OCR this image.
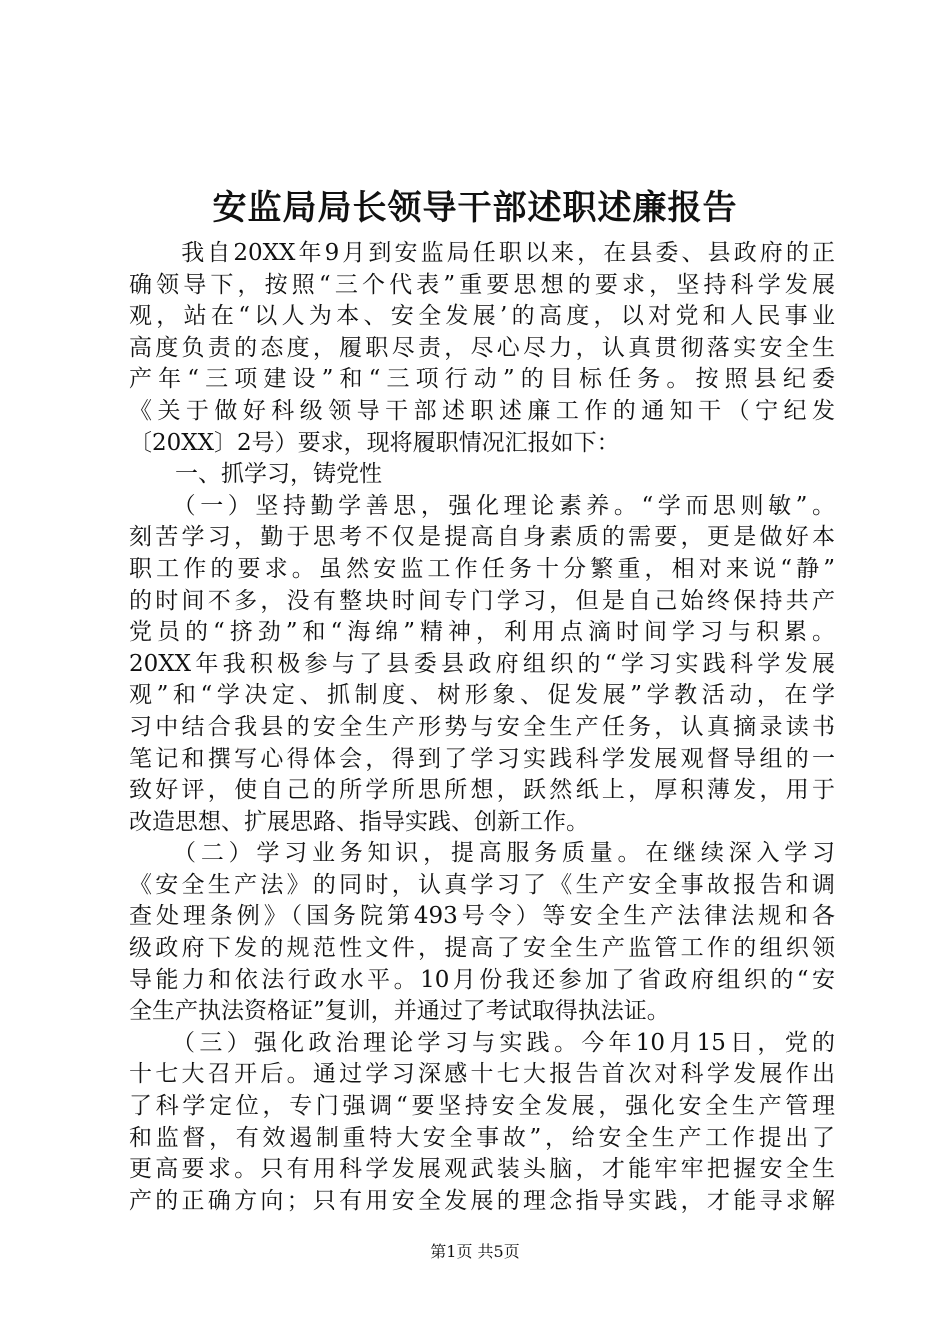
安监局局长领导干部述职述廉报告
　　我自20XX年9月到安监局任职以来，在县委、县政府的正
确领导下，按照“三个代表”重要思想的要求，坚持科学发展
观，站在“以人为本、安全发展’的高度，以对党和人民事业
高度负责的态度，履职尽责，尽心尽力，认真贯彻落实安全生
产年“三项建设”和“三项行动”的目标任务。按照县纪委
《关于做好科级领导干部述职述廉工作的通知干（宁纪发
〔20XX〕2号）要求，现将履职情况汇报如下：
　　一、抓学习，铸党性
　　（一）坚持勤学善思，强化理论素养。“学而思则敏”。
刻苦学习，勤于思考不仅是提高自身素质的需要，更是做好本
职工作的要求。虽然安监工作任务十分繁重，相对来说“静”
的时间不多，没有整块时间专门学习，但是自己始终保持共产
党员的“挤劲”和“海绵”精神，利用点滴时间学习与积累。
20XX年我积极参与了县委县政府组织的“学习实践科学发展
观”和“学决定、抓制度、树形象、促发展”学教活动，在学
习中结合我县的安全生产形势与安全生产任务，认真摘录读书
笔记和撰写心得体会，得到了学习实践科学发展观督导组的一
致好评，使自己的所学所思所想，跃然纸上，厚积薄发，用于
改造思想、扩展思路、指导实践、创新工作。
　　（二）学习业务知识，提高服务质量。在继续深入学习
《安全生产法》的同时，认真学习了《生产安全事故报告和调
查处理条例》（国务院第493号令）等安全生产法律法规和各
级政府下发的规范性文件，提高了安全生产监管工作的组织领
导能力和依法行政水平。10月份我还参加了省政府组织的“安
全生产执法资格证”复训，并通过了考试取得执法证。
　　（三）强化政治理论学习与实践。今年10月15日，党的
十七大召开后。通过学习深感十七大报告首次对科学发展作出
了科学定位，专门强调“要坚持安全发展，强化安全生产管理
和监督，有效遏制重特大安全事故”，给安全生产工作提出了
更高要求。只有用科学发展观武装头脑，才能牢牢把握安全生
产的正确方向；只有用安全发展的理念指导实践，才能寻求解
第1页 共5页
